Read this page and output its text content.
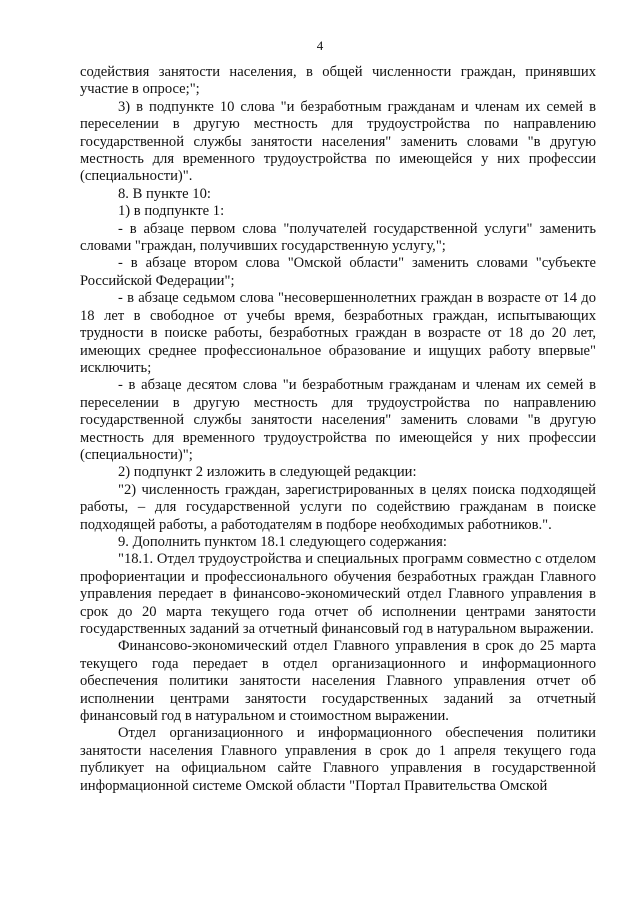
4

содействия занятости населения, в общей численности граждан, принявших участие в опросе;";

3) в подпункте 10 слова "и безработным гражданам и членам их семей в переселении в другую местность для трудоустройства по направлению государственной службы занятости населения" заменить словами "в другую местность для временного трудоустройства по имеющейся у них профессии (специальности)".

8. В пункте 10:

1) в подпункте 1:

- в абзаце первом слова "получателей государственной услуги" заменить словами "граждан, получивших государственную услугу,";

- в абзаце втором слова "Омской области" заменить словами "субъекте Российской Федерации";

- в абзаце седьмом слова "несовершеннолетних граждан в возрасте от 14 до 18 лет в свободное от учебы время, безработных граждан, испытывающих трудности в поиске работы, безработных граждан в возрасте от 18 до 20 лет, имеющих среднее профессиональное образование и ищущих работу впервые" исключить;

- в абзаце десятом слова "и безработным гражданам и членам их семей в переселении в другую местность для трудоустройства по направлению государственной службы занятости населения" заменить словами "в другую местность для временного трудоустройства по имеющейся у них профессии (специальности)";

2) подпункт 2 изложить в следующей редакции:

"2) численность граждан, зарегистрированных в целях поиска подходящей работы, – для государственной услуги по содействию гражданам в поиске подходящей работы, а работодателям в подборе необходимых работников.".

9. Дополнить пунктом 18.1 следующего содержания:

"18.1. Отдел трудоустройства и специальных программ совместно с отделом профориентации и профессионального обучения безработных граждан Главного управления передает в финансово-экономический отдел Главного управления в срок до 20 марта текущего года отчет об исполнении центрами занятости государственных заданий за отчетный финансовый год в натуральном выражении.

Финансово-экономический отдел Главного управления в срок до 25 марта текущего года передает в отдел организационного и информационного обеспечения политики занятости населения Главного управления отчет об исполнении центрами занятости государственных заданий за отчетный финансовый год в натуральном и стоимостном выражении.

Отдел организационного и информационного обеспечения политики занятости населения Главного управления в срок до 1 апреля текущего года публикует на официальном сайте Главного управления в государственной информационной системе Омской области "Портал Правительства Омской
